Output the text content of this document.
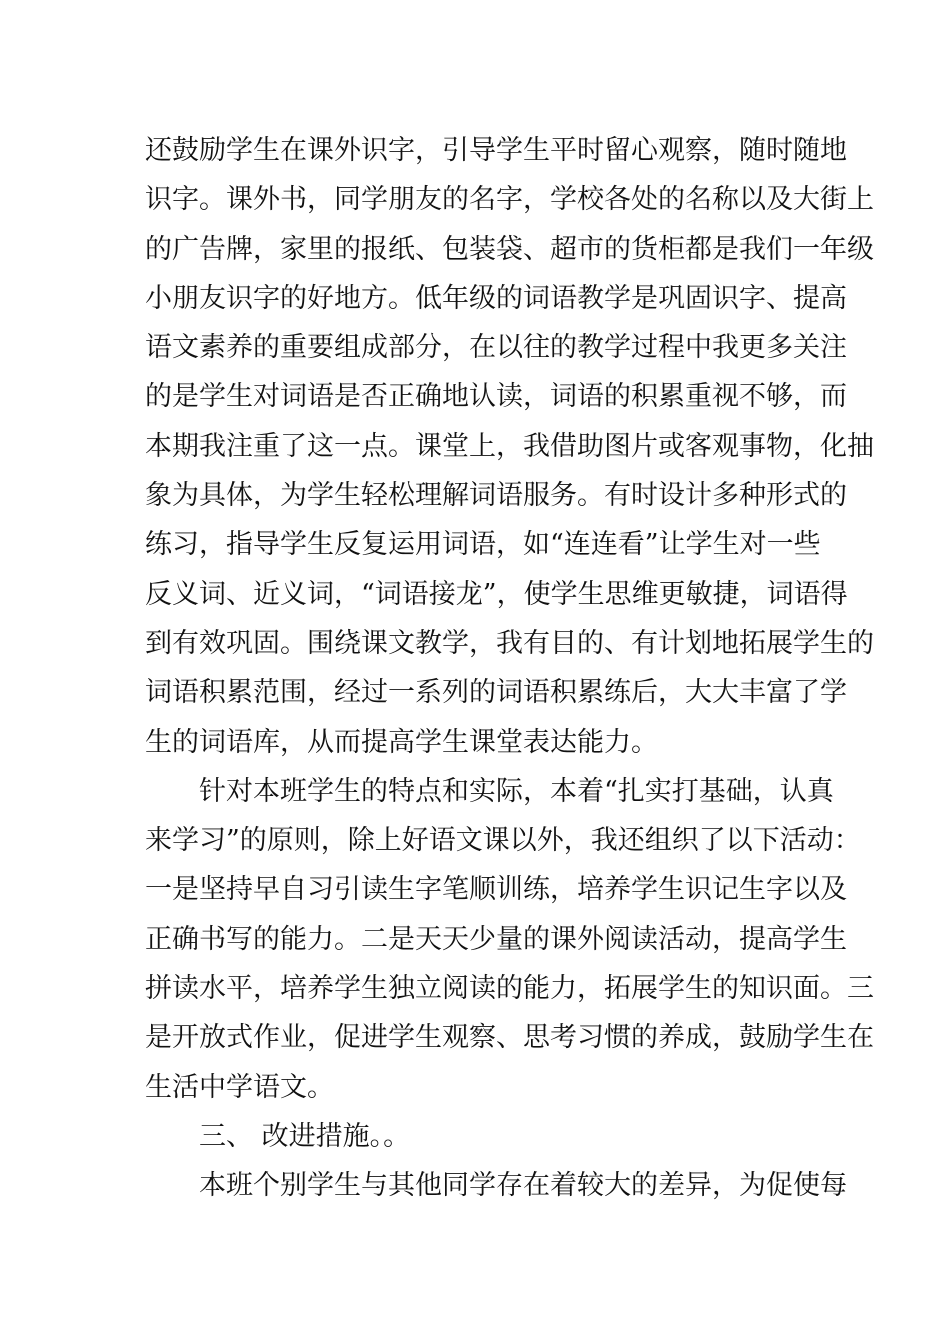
还鼓励学生在课外识字，引导学生平时留心观察，随时随地
识字。课外书，同学朋友的名字，学校各处的名称以及大街上
的广告牌，家里的报纸、包装袋、超市的货柜都是我们一年级
小朋友识字的好地方。低年级的词语教学是巩固识字、提高
语文素养的重要组成部分，在以往的教学过程中我更多关注
的是学生对词语是否正确地认读，词语的积累重视不够，而
本期我注重了这一点。课堂上，我借助图片或客观事物，化抽
象为具体，为学生轻松理解词语服务。有时设计多种形式的
练习，指导学生反复运用词语，如“连连看”让学生对一些
反义词、近义词，“词语接龙”，使学生思维更敏捷，词语得
到有效巩固。围绕课文教学，我有目的、有计划地拓展学生的
词语积累范围，经过一系列的词语积累练后，大大丰富了学
生的词语库，从而提高学生课堂表达能力。
针对本班学生的特点和实际，本着“扎实打基础，认真
来学习”的原则，除上好语文课以外，我还组织了以下活动：
一是坚持早自习引读生字笔顺训练，培养学生识记生字以及
正确书写的能力。二是天天少量的课外阅读活动，提高学生
拼读水平，培养学生独立阅读的能力，拓展学生的知识面。三
是开放式作业，促进学生观察、思考习惯的养成，鼓励学生在
生活中学语文。
三、 改进措施。。
本班个别学生与其他同学存在着较大的差异，为促使每
